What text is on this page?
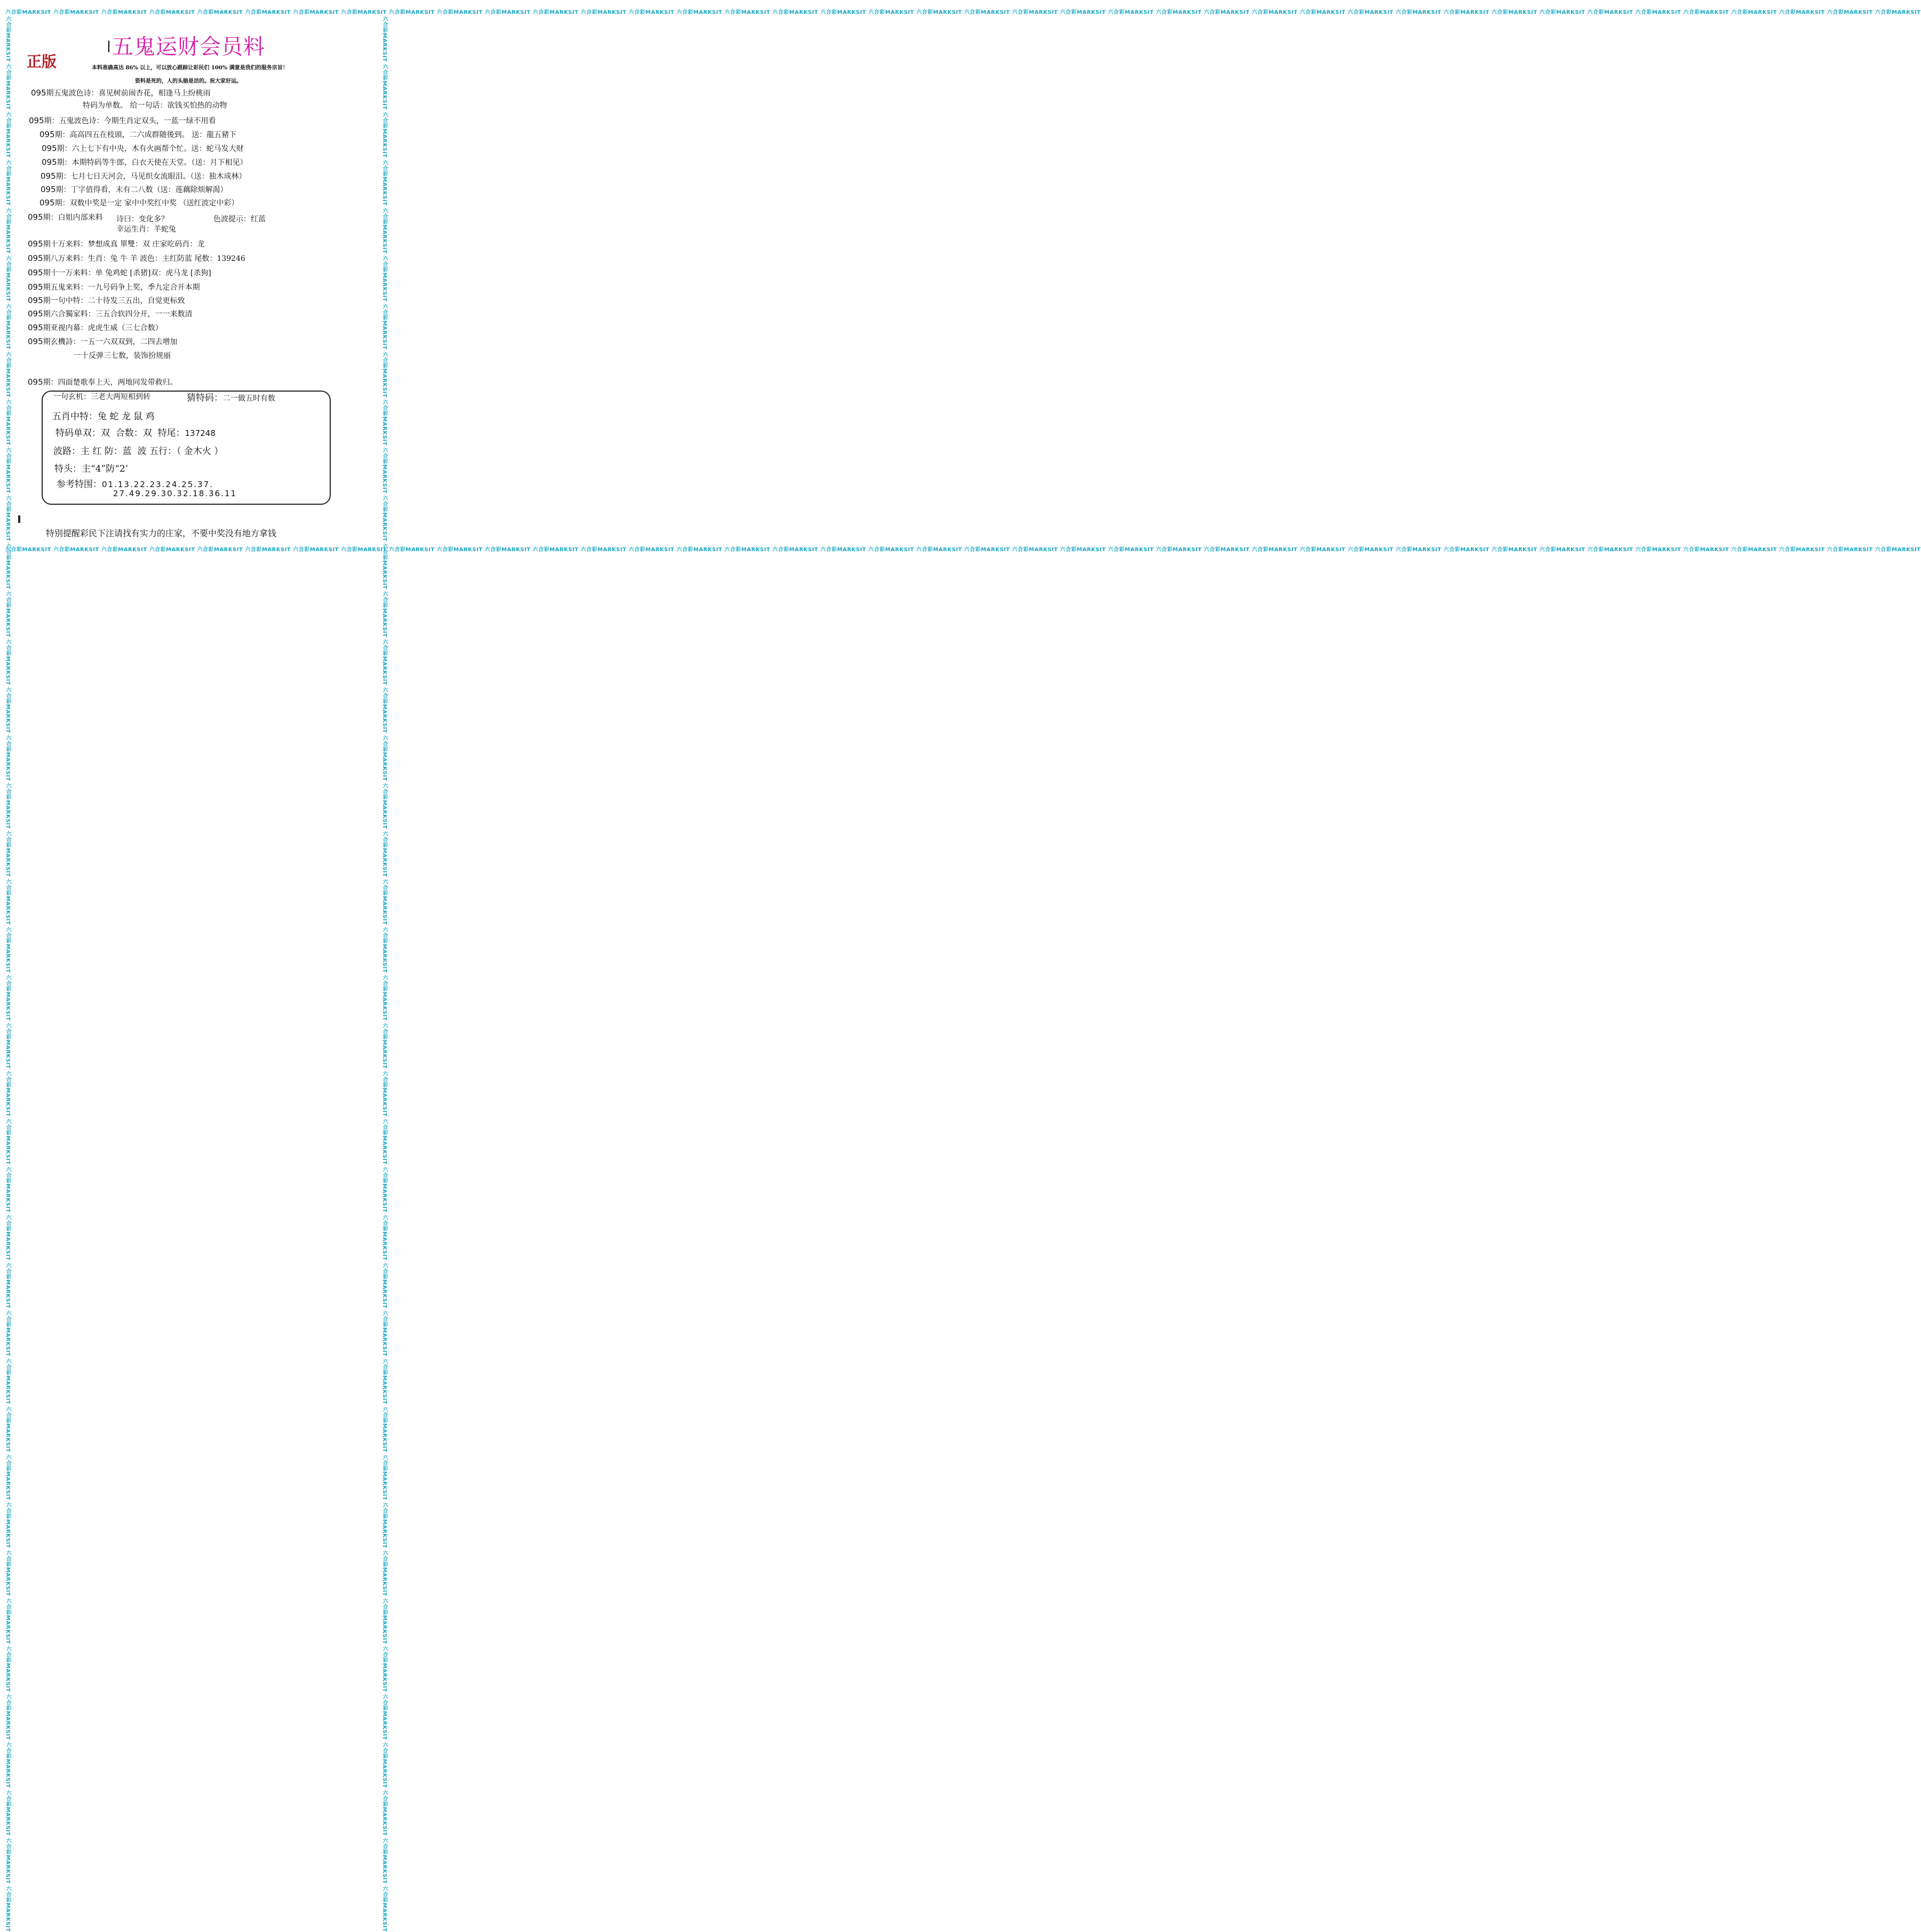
六合彩MARKSIT 六合彩MARKSIT 六合彩MARKSIT 六合彩MARKSIT 六合彩MARKSIT 六合彩MARKSIT 六合彩MARKSIT 六合彩MARKSIT 六合彩MARKSIT 六合彩MARKSIT 六合彩MARKSIT 六合彩MARKSIT 六合彩MARKSIT 六合彩MARKSIT 六合彩MARKSIT 六合彩MARKSIT 六合彩MARKSIT 六合彩MARKSIT 六合彩MARKSIT 六合彩MARKSIT 六合彩MARKSIT 六合彩MARKSIT 六合彩MARKSIT 六合彩MARKSIT 六合彩MARKSIT 六合彩MARKSIT 六合彩MARKSIT 六合彩MARKSIT 六合彩MARKSIT 六合彩MARKSIT 六合彩MARKSIT 六合彩MARKSIT 六合彩MARKSIT 六合彩MARKSIT 六合彩MARKSIT 六合彩MARKSIT 六合彩MARKSIT 六合彩MARKSIT 六合彩MARKSIT 六合彩MARKSIT
六合彩MARKSIT 六合彩MARKSIT 六合彩MARKSIT 六合彩MARKSIT 六合彩MARKSIT 六合彩MARKSIT 六合彩MARKSIT 六合彩MARKSIT 六合彩MARKSIT 六合彩MARKSIT 六合彩MARKSIT 六合彩MARKSIT 六合彩MARKSIT 六合彩MARKSIT 六合彩MARKSIT 六合彩MARKSIT 六合彩MARKSIT 六合彩MARKSIT 六合彩MARKSIT 六合彩MARKSIT 六合彩MARKSIT 六合彩MARKSIT 六合彩MARKSIT 六合彩MARKSIT 六合彩MARKSIT 六合彩MARKSIT 六合彩MARKSIT 六合彩MARKSIT 六合彩MARKSIT 六合彩MARKSIT 六合彩MARKSIT 六合彩MARKSIT 六合彩MARKSIT 六合彩MARKSIT 六合彩MARKSIT 六合彩MARKSIT 六合彩MARKSIT 六合彩MARKSIT 六合彩MARKSIT 六合彩MARKSIT
六合彩MARKSIT 六合彩MARKSIT 六合彩MARKSIT 六合彩MARKSIT 六合彩MARKSIT 六合彩MARKSIT 六合彩MARKSIT 六合彩MARKSIT 六合彩MARKSIT 六合彩MARKSIT 六合彩MARKSIT 六合彩MARKSIT 六合彩MARKSIT 六合彩MARKSIT 六合彩MARKSIT 六合彩MARKSIT 六合彩MARKSIT 六合彩MARKSIT 六合彩MARKSIT 六合彩MARKSIT 六合彩MARKSIT 六合彩MARKSIT 六合彩MARKSIT 六合彩MARKSIT 六合彩MARKSIT 六合彩MARKSIT 六合彩MARKSIT 六合彩MARKSIT 六合彩MARKSIT 六合彩MARKSIT 六合彩MARKSIT 六合彩MARKSIT 六合彩MARKSIT 六合彩MARKSIT 六合彩MARKSIT 六合彩MARKSIT 六合彩MARKSIT 六合彩MARKSIT 六合彩MARKSIT 六合彩MARKSIT	六合彩MARKSIT 六合彩MARKSIT 六合彩MARKSIT 六合彩MARKSIT 六合彩MARKSIT 六合彩MARKSIT 六合彩MARKSIT 六合彩MARKSIT 六合彩MARKSIT 六合彩MARKSIT 六合彩MARKSIT 六合彩MARKSIT 六合彩MARKSIT 六合彩MARKSIT 六合彩MARKSIT 六合彩MARKSIT 六合彩MARKSIT 六合彩MARKSIT 六合彩MARKSIT 六合彩MARKSIT 六合彩MARKSIT 六合彩MARKSIT 六合彩MARKSIT 六合彩MARKSIT 六合彩MARKSIT 六合彩MARKSIT 六合彩MARKSIT 六合彩MARKSIT 六合彩MARKSIT 六合彩MARKSIT 六合彩MARKSIT 六合彩MARKSIT 六合彩MARKSIT 六合彩MARKSIT 六合彩MARKSIT 六合彩MARKSIT 六合彩MARKSIT 六合彩MARKSIT 六合彩MARKSIT 六合彩MARKSIT
五鬼运财会员料
正版	本料准确高达 86% 以上，可以放心跟踪让彩民们 100% 满意是我们的服务宗旨！
资料是死的，人的头脑是活的。祝大家好运。
095期五鬼波色诗：喜见树前闹杏花，相逢马上纷桃雨
特码为单数。 给一句话：欲钱买怕热的动物
095期：五鬼波色诗：今期生肖定双头，一蓝一绿不用看
095期：高高四五在枝頭，二六成群随後到。 送：龍五豬下
095期：六上七下有中央，木有火画帮个忙。送：蛇马发大财
095期：本期特码等牛郎，白衣天使在天堂。（送：月下相见）
095期：七月七日天河会，马见织女流眼泪。（送：独木成林）
095期：丁字值得看，末有二八数（送：莲藕除烦解渴）
095期：双数中奖是一定 家中中奖红中奖 （送红波定中彩）
095期：白姐内部来料 诗曰：变化多？	色波提示：红蓝
幸运生肖：羊蛇兔
095期十万来料：梦想成真 單雙：双 庄家吃码肖：龙
095期八万来料：生肖：兔 牛 羊 波色：主红防蓝 尾数：139246
095期十一万来料：单 兔鸡蛇 [杀猪]双：虎马龙 [杀狗]
095期五鬼来料：一九号码争上奖，季九定合开本期
095期一句中特：二十待发三五出，自觉更标致
095期六合獨家料：三五合软四分开，一一来数清
095期亚视内幕：虎虎生威（三七合数）
095期玄機詩：一五一六双双到，二四去增加
一十反弹三七数，装饰扮规丽
095期：四面楚歌奉上天，两地同发带救归。
一句玄机：三老大两短相到转	猜特码：二一做五时有数
五肖中特：兔 蛇 龙 鼠 鸡
特码单双：双 合数：双 特尾：137248
波路：主 红 防：蓝 波 五行：（ 金木火 ）
特头：主“4”防“2’
参考特围：01.13.22.23.24.25.37.
27.49.29.30.32.18.36.11
特别提醒彩民下注请找有实力的庄家，不要中奖没有地方拿钱
